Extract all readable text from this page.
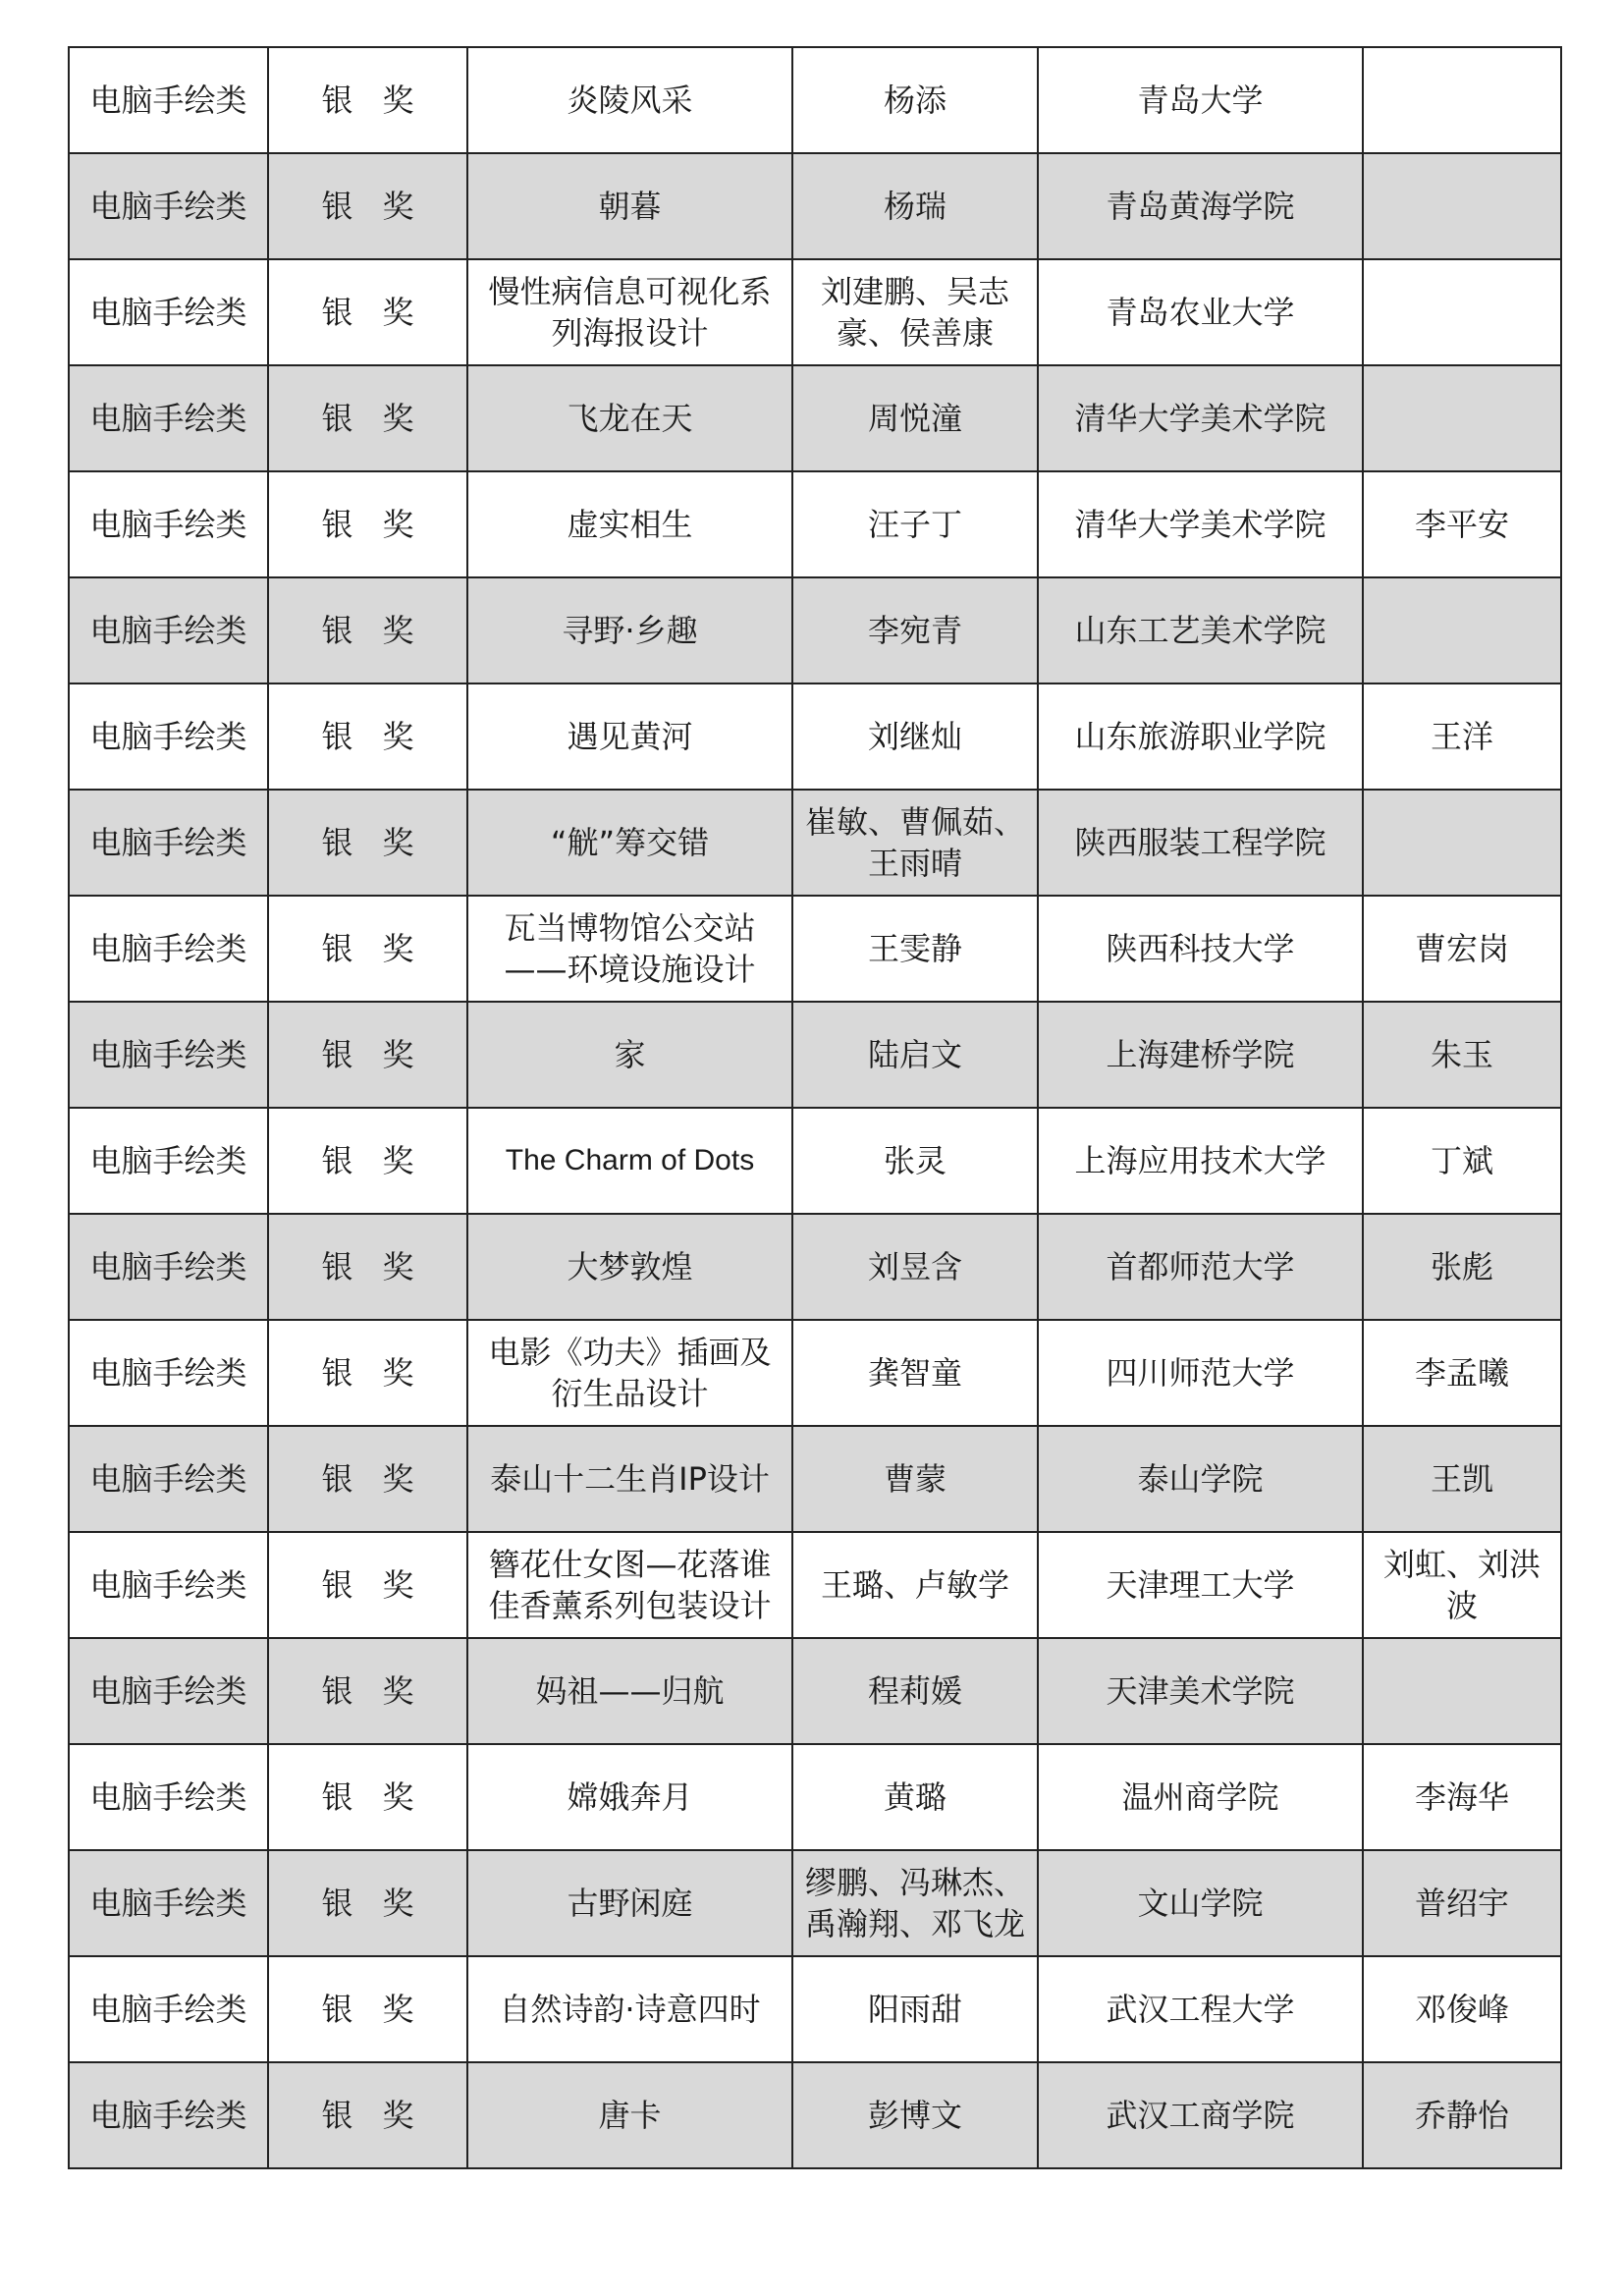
电脑手绘类	银奖	炎陵风采	杨添	青岛大学	
电脑手绘类	银奖	朝暮	杨瑞	青岛黄海学院	
电脑手绘类	银奖	慢性病信息可视化系列海报设计	刘建鹏、吴志豪、侯善康	青岛农业大学	
电脑手绘类	银奖	飞龙在天	周悦潼	清华大学美术学院	
电脑手绘类	银奖	虚实相生	汪子丁	清华大学美术学院	李平安
电脑手绘类	银奖	寻野·乡趣	李宛青	山东工艺美术学院	
电脑手绘类	银奖	遇见黄河	刘继灿	山东旅游职业学院	王洋
电脑手绘类	银奖	“觥”筹交错	崔敏、曹佩茹、王雨晴	陕西服装工程学院	
电脑手绘类	银奖	瓦当博物馆公交站——环境设施设计	王雯静	陕西科技大学	曹宏岗
电脑手绘类	银奖	家	陆启文	上海建桥学院	朱玉
电脑手绘类	银奖	The Charm of Dots	张灵	上海应用技术大学	丁斌
电脑手绘类	银奖	大梦敦煌	刘昱含	首都师范大学	张彪
电脑手绘类	银奖	电影《功夫》插画及衍生品设计	龚智童	四川师范大学	李孟曦
电脑手绘类	银奖	泰山十二生肖IP设计	曹蒙	泰山学院	王凯
电脑手绘类	银奖	簪花仕女图—花落谁佳香薰系列包装设计	王璐、卢敏学	天津理工大学	刘虹、刘洪波
电脑手绘类	银奖	妈祖——归航	程莉媛	天津美术学院	
电脑手绘类	银奖	嫦娥奔月	黄璐	温州商学院	李海华
电脑手绘类	银奖	古野闲庭	缪鹏、冯琳杰、禹瀚翔、邓飞龙	文山学院	普绍宇
电脑手绘类	银奖	自然诗韵·诗意四时	阳雨甜	武汉工程大学	邓俊峰
电脑手绘类	银奖	唐卡	彭博文	武汉工商学院	乔静怡
